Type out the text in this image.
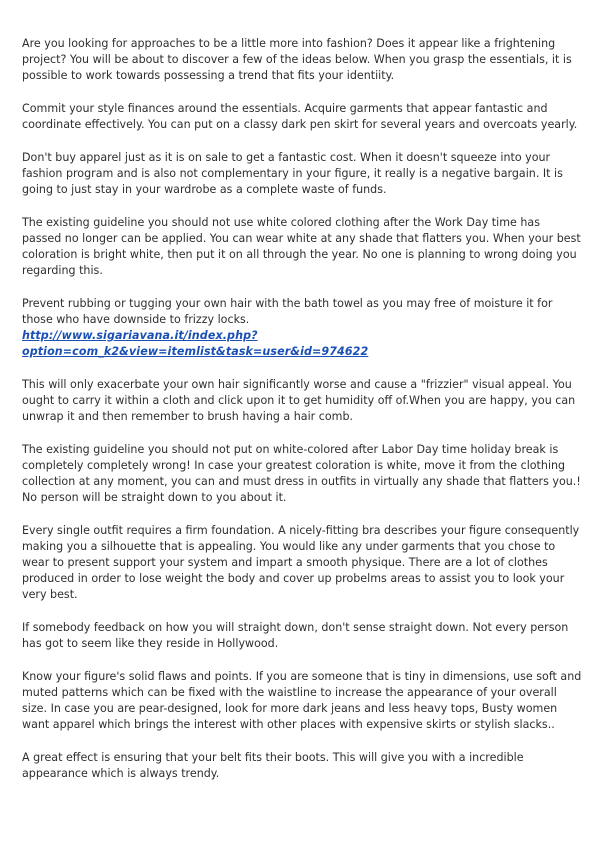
Are you looking for approaches to be a little more into fashion? Does it appear like a frightening project? You will be about to discover a few of the ideas below. When you grasp the essentials, it is possible to work towards possessing a trend that fits your identiity.

Commit your style finances around the essentials. Acquire garments that appear fantastic and coordinate effectively. You can put on a classy dark pen skirt for several years and overcoats yearly.

Don't buy apparel just as it is on sale to get a fantastic cost. When it doesn't squeeze into your fashion program and is also not complementary in your figure, it really is a negative bargain. It is going to just stay in your wardrobe as a complete waste of funds.

The existing guideline you should not use white colored clothing after the Work Day time has passed no longer can be applied. You can wear white at any shade that flatters you. When your best coloration is bright white, then put it on all through the year. No one is planning to wrong doing you regarding this.

Prevent rubbing or tugging your own hair with the bath towel as you may free of moisture it for those who have downside to frizzy locks.
http://www.sigariavana.it/index.php?option=com_k2&view=itemlist&task=user&id=974622

This will only exacerbate your own hair significantly worse and cause a "frizzier" visual appeal. You ought to carry it within a cloth and click upon it to get humidity off of.When you are happy, you can unwrap it and then remember to brush having a hair comb.

The existing guideline you should not put on white-colored after Labor Day time holiday break is completely completely wrong! In case your greatest coloration is white, move it from the clothing collection at any moment, you can and must dress in outfits in virtually any shade that flatters you.! No person will be straight down to you about it.

Every single outfit requires a firm foundation. A nicely-fitting bra describes your figure consequently making you a silhouette that is appealing. You would like any under garments that you chose to wear to present support your system and impart a smooth physique. There are a lot of clothes produced in order to lose weight the body and cover up probelms areas to assist you to look your very best.

If somebody feedback on how you will straight down, don't sense straight down. Not every person has got to seem like they reside in Hollywood.

Know your figure's solid flaws and points. If you are someone that is tiny in dimensions, use soft and muted patterns which can be fixed with the waistline to increase the appearance of your overall size. In case you are pear-designed, look for more dark jeans and less heavy tops, Busty women want apparel which brings the interest with other places with expensive skirts or stylish slacks..

A great effect is ensuring that your belt fits their boots. This will give you with a incredible appearance which is always trendy.
